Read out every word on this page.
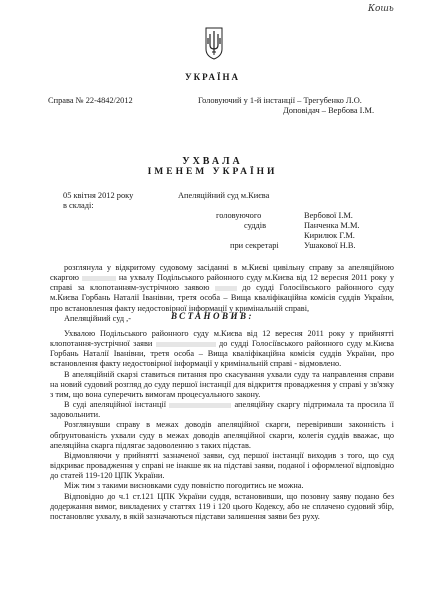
Кошь
УКРАЇНА
Справа № 22-4842/2012	Головуючий у 1-й інстанції – Трегубенко Л.О.
Доповідач – Вербова І.М.
УХВАЛА
ІМЕНЕМ УКРАЇНИ
05 квітня 2012 року	Апеляційний суд м.Києва
в складі:
головуючого	Вербової І.М.
суддів	Панченка М.М.
Кирилюк Г.М.
при секретарі	Ушакової Н.В.

розглянула у відкритому судовому засіданні в м.Києві цивільну справу за апеляційною скаргою	на ухвалу Подільського районного суду м.Києва від 12 вересня 2011 року у справі за клопотанням-зустрічною заявою	до судді Голосіївського районного суду м.Києва Горбань Наталії Іванівни, третя особа – Вища кваліфікаційна комісія суддів України, про встановлення факту недостовірної інформації у кримінальній справі,

Апеляційний суд ,-	ВСТАНОВИВ:

Ухвалою Подільського районного суду м.Києва від 12 вересня 2011 року у прийнятті клопотання-зустрічної заяви	до судді Голосіївського районного суду м.Києва Горбань Наталії Іванівни, третя особа – Вища кваліфікаційна комісія суддів України, про встановлення факту недостовірної інформації у кримінальній справі - відмовлено.

В апеляційній скарзі ставиться питання про скасування ухвали суду та направлення справи на новий судовий розгляд до суду першої інстанції для відкриття провадження у справі у зв'язку з тим, що вона суперечить вимогам процесуального закону.

В суді апеляційної інстанції	апеляційну скаргу підтримала та просила її задовольнити.

Розглянувши справу в межах доводів апеляційної скарги, перевіривши законність і обґрунтованість ухвали суду в межах доводів апеляційної скарги, колегія суддів вважає, що апеляційна скарга підлягає задоволенню з таких підстав.

Відмовляючи у прийнятті зазначеної заяви, суд першої інстанції виходив з того, що суд відкриває провадження у справі не інакше як на підставі заяви, поданої і оформленої відповідно до статей 119-120 ЦПК України.

Між тим з такими висновками суду повністю погодитись не можна.

Відповідно до ч.1 ст.121 ЦПК України суддя, встановивши, що позовну заяву подано без додержання вимог, викладених у статтях 119 і 120 цього Кодексу, або не сплачено судовий збір, постановляє ухвалу, в якій зазначаються підстави залишення заяви без руху.
